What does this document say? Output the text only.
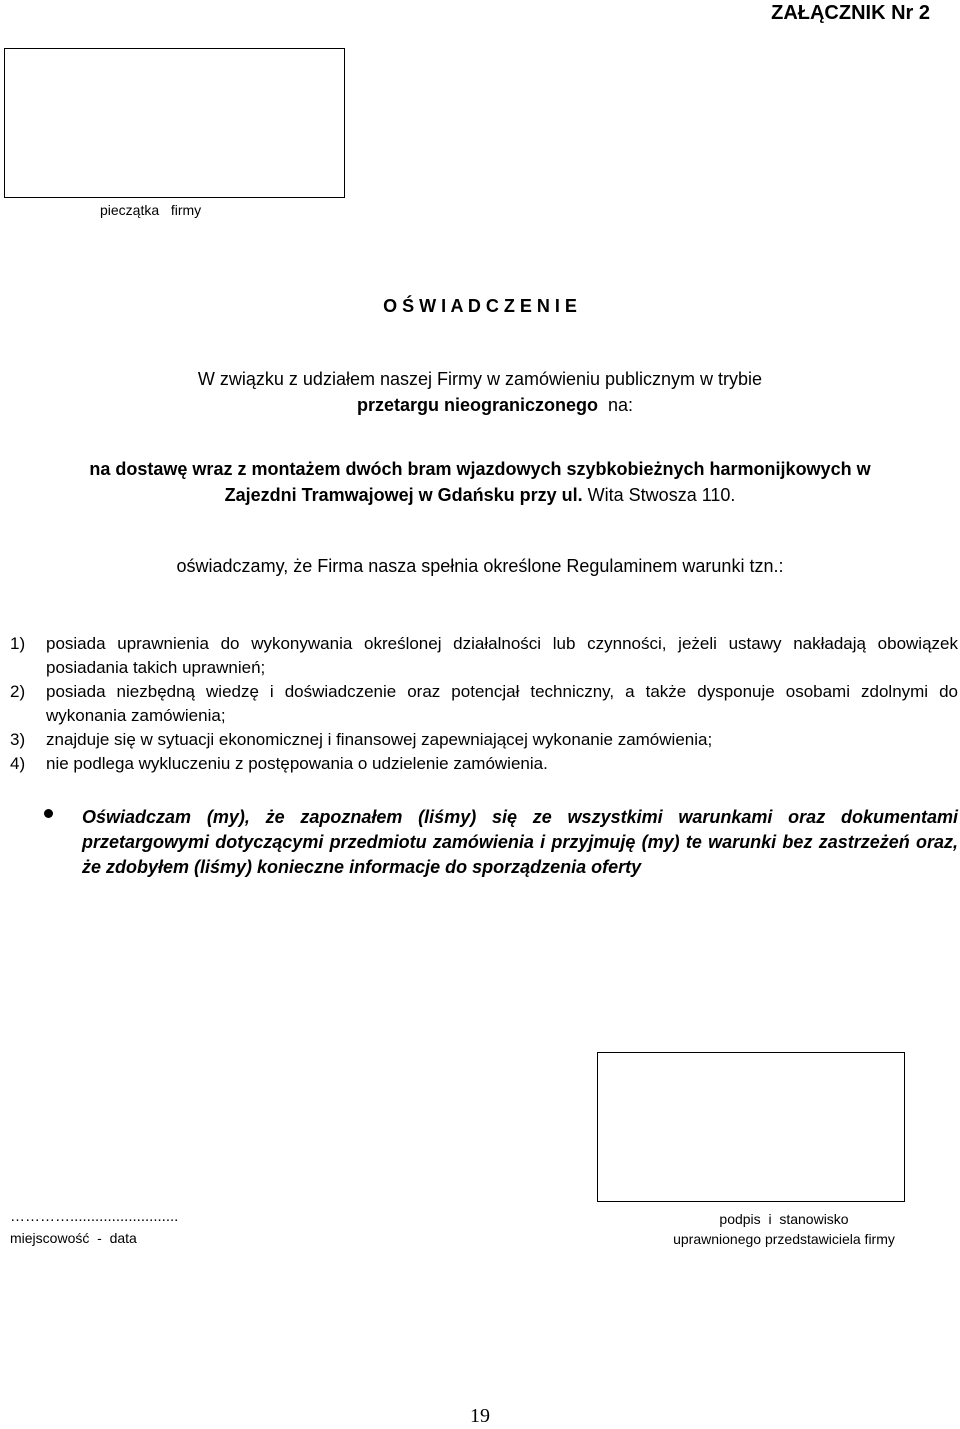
ZAŁĄCZNIK Nr 2
pieczątka   firmy
O Ś W I A D C Z E N I E
W związku z udziałem naszej Firmy w zamówieniu publicznym w trybie
przetargu nieograniczonego  na:
na dostawę wraz z montażem dwóch bram wjazdowych szybkobieżnych harmonijkowych w
Zajezdni Tramwajowej w Gdańsku przy ul. Wita Stwosza 110.
oświadczamy, że Firma nasza spełnia określone Regulaminem warunki tzn.:
1)	posiada uprawnienia do wykonywania określonej działalności lub czynności, jeżeli ustawy nakładają obowiązek posiadania takich uprawnień;
2)	posiada niezbędną wiedzę i doświadczenie oraz potencjał techniczny, a także dysponuje osobami zdolnymi do wykonania zamówienia;
3)	znajduje się w sytuacji ekonomicznej i finansowej zapewniającej wykonanie zamówienia;
4)	nie podlega wykluczeniu z postępowania o udzielenie zamówienia.
Oświadczam (my), że zapoznałem (liśmy) się ze wszystkimi warunkami oraz dokumentami przetargowymi dotyczącymi przedmiotu zamówienia i przyjmuję (my) te warunki bez zastrzeżeń oraz, że zdobyłem (liśmy) konieczne informacje do sporządzenia oferty
…………..........................
miejscowość  -  data
podpis  i  stanowisko
uprawnionego przedstawiciela firmy
19
